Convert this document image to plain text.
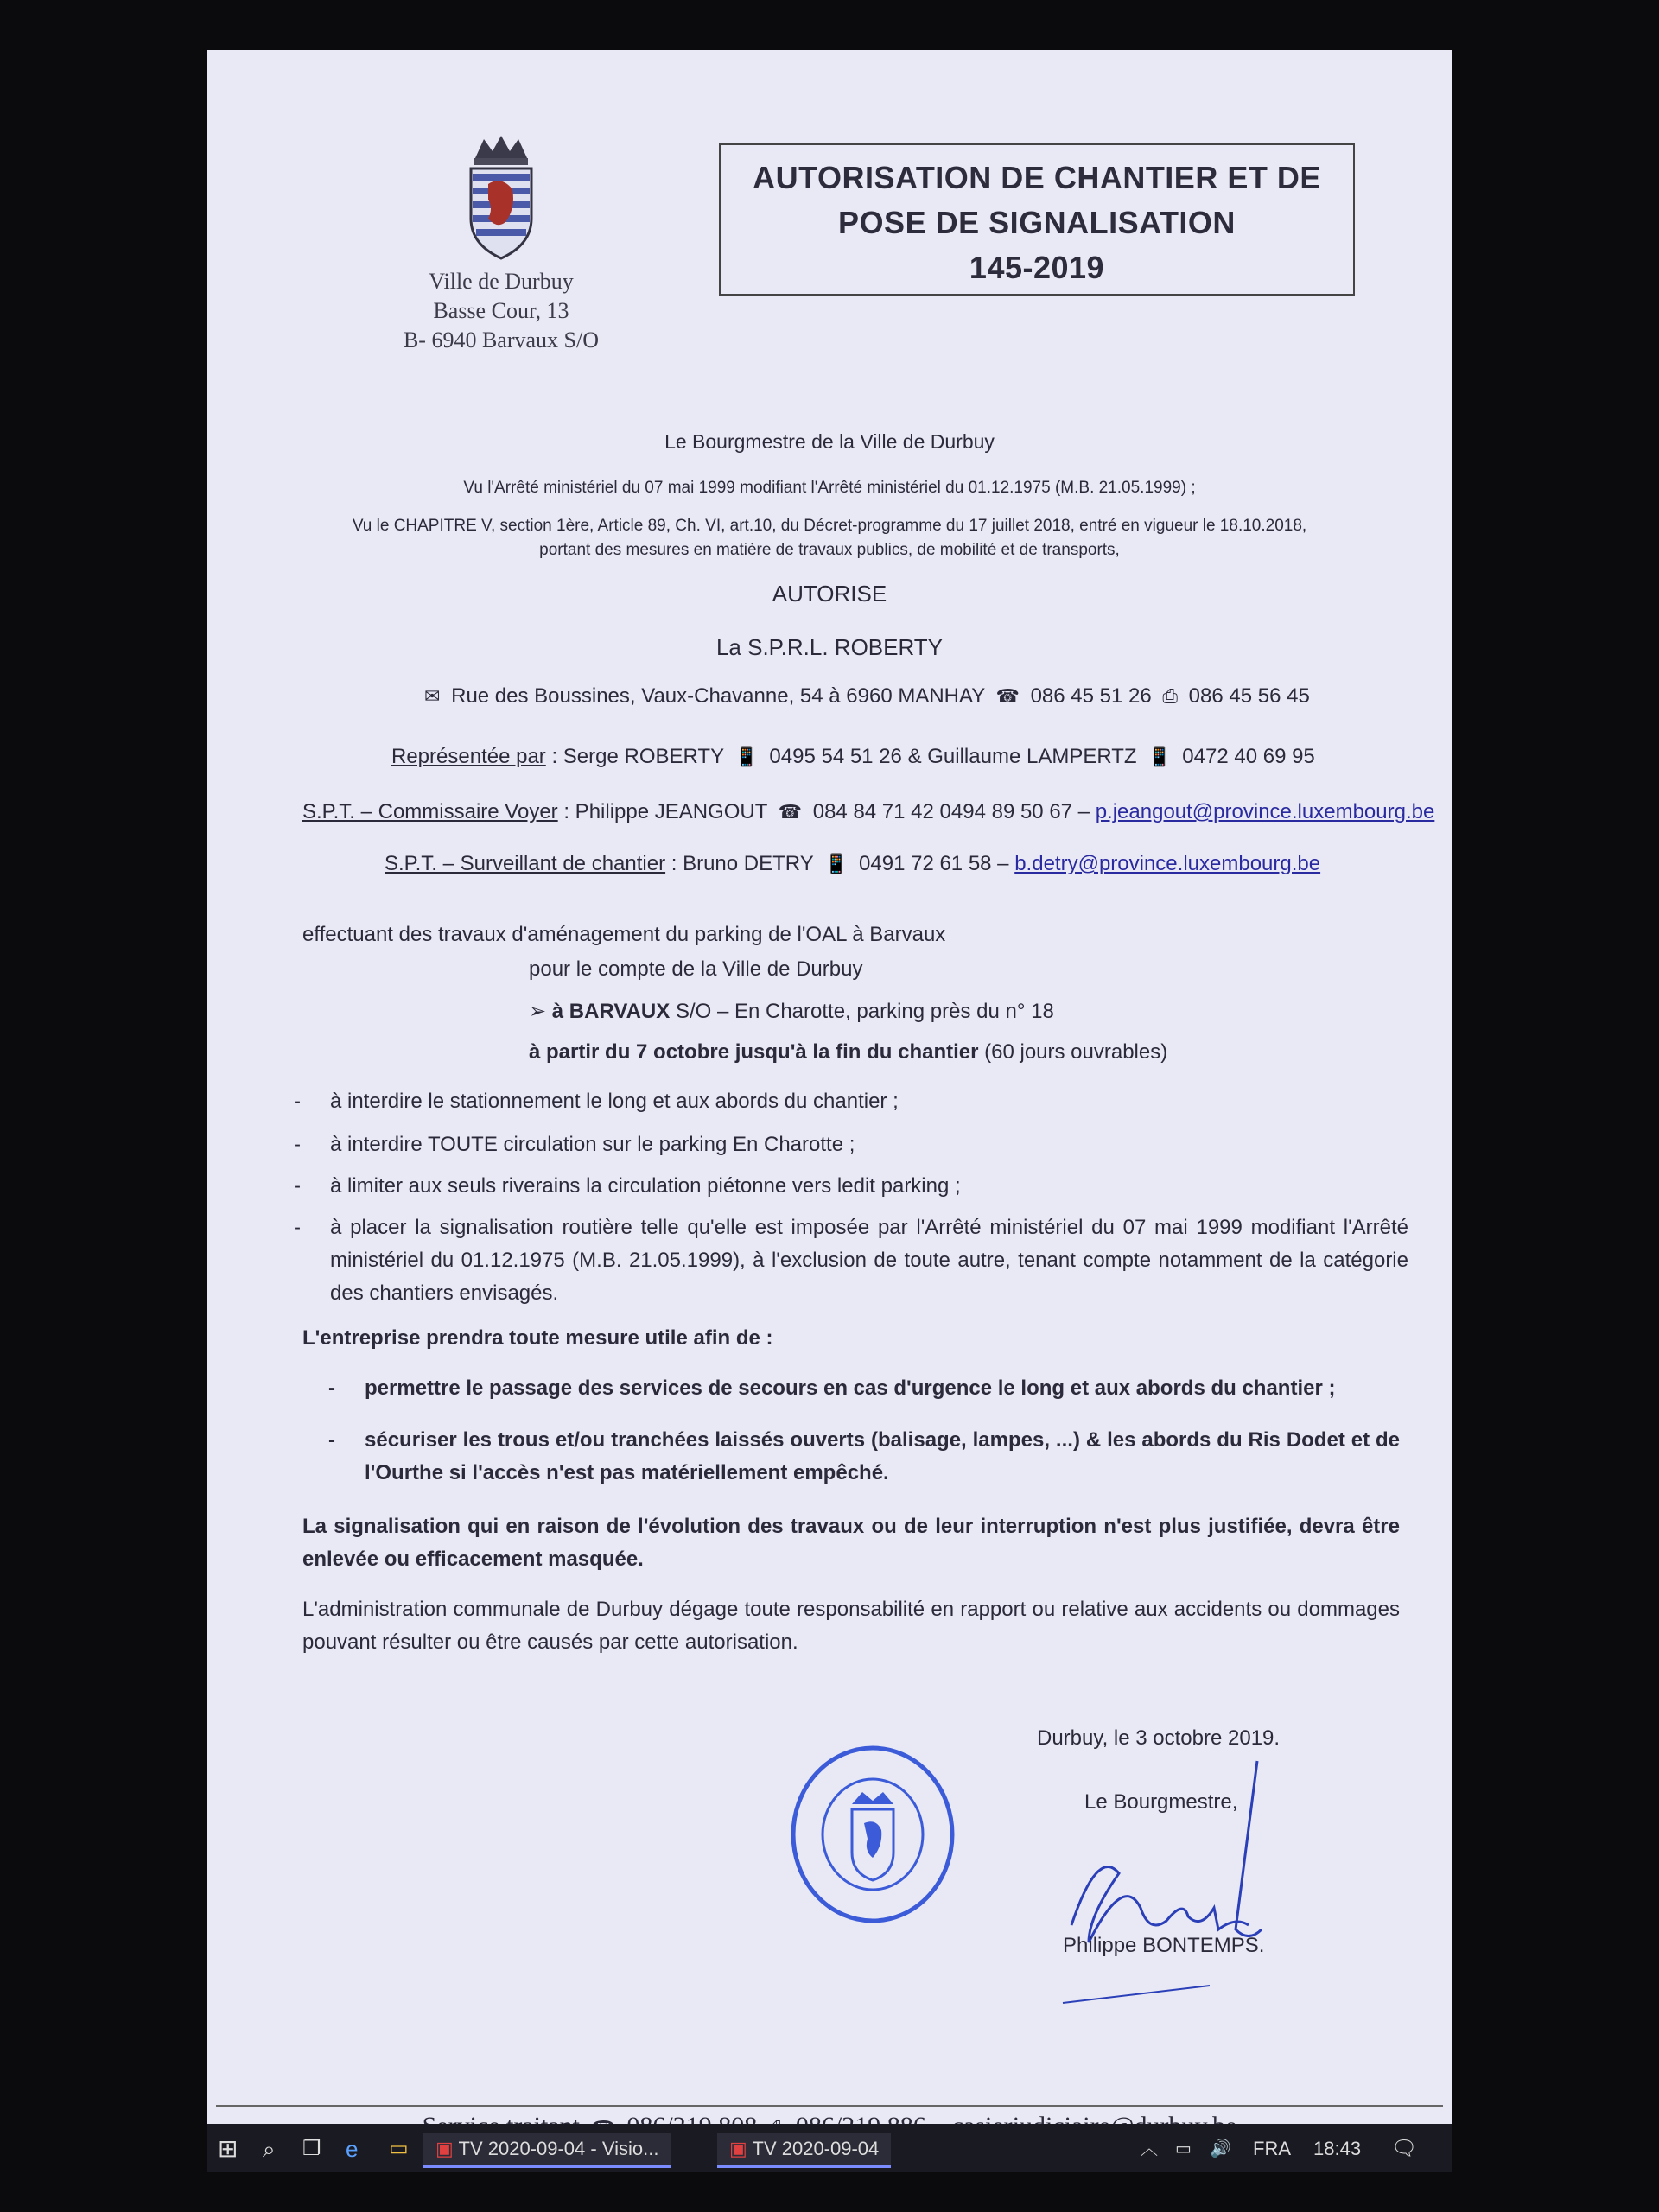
Ville de Durbuy
Basse Cour, 13
B- 6940 Barvaux S/O
AUTORISATION DE CHANTIER ET DE
POSE DE SIGNALISATION
145-2019
Le Bourgmestre de la Ville de Durbuy
Vu l'Arrêté ministériel du 07 mai 1999 modifiant l'Arrêté ministériel du 01.12.1975 (M.B. 21.05.1999) ;
Vu le CHAPITRE V, section 1ère, Article 89, Ch. VI, art.10, du Décret-programme du 17 juillet 2018, entré en vigueur le 18.10.2018,
portant des mesures en matière de travaux publics, de mobilité et de transports,
AUTORISE
La S.P.R.L. ROBERTY
✉ Rue des Boussines, Vaux-Chavanne, 54 à 6960 MANHAY ☎ 086 45 51 26 ⎙ 086 45 56 45
Représentée par : Serge ROBERTY 📱 0495 54 51 26 & Guillaume LAMPERTZ 📱 0472 40 69 95
S.P.T. – Commissaire Voyer : Philippe JEANGOUT ☎ 084 84 71 42 0494 89 50 67 – p.jeangout@province.luxembourg.be
S.P.T. – Surveillant de chantier : Bruno DETRY 📱 0491 72 61 58 – b.detry@province.luxembourg.be
effectuant des travaux d'aménagement du parking de l'OAL à Barvaux
pour le compte de la Ville de Durbuy
➢ à BARVAUX S/O – En Charotte, parking près du n° 18
à partir du 7 octobre jusqu'à la fin du chantier (60 jours ouvrables)
- à interdire le stationnement le long et aux abords du chantier ;
- à interdire TOUTE circulation sur le parking En Charotte ;
- à limiter aux seuls riverains la circulation piétonne vers ledit parking ;
- à placer la signalisation routière telle qu'elle est imposée par l'Arrêté ministériel du 07 mai 1999 modifiant l'Arrêté ministériel du 01.12.1975 (M.B. 21.05.1999), à l'exclusion de toute autre, tenant compte notamment de la catégorie des chantiers envisagés.
L'entreprise prendra toute mesure utile afin de :
- permettre le passage des services de secours en cas d'urgence le long et aux abords du chantier ;
- sécuriser les trous et/ou tranchées laissés ouverts (balisage, lampes, ...) & les abords du Ris Dodet et de l'Ourthe si l'accès n'est pas matériellement empêché.
La signalisation qui en raison de l'évolution des travaux ou de leur interruption n'est plus justifiée, devra être enlevée ou efficacement masquée.
L'administration communale de Durbuy dégage toute responsabilité en rapport ou relative aux accidents ou dommages pouvant résulter ou être causés par cette autorisation.
Durbuy, le 3 octobre 2019.
Le Bourgmestre,
Philippe BONTEMPS.

⊞ ⌕ ❐ e ▭	▣ TV 2020-09-04 - Visio...	▣ TV 2020-09-04	︿ ▭ 🔊 FRA 18:43 🗨
